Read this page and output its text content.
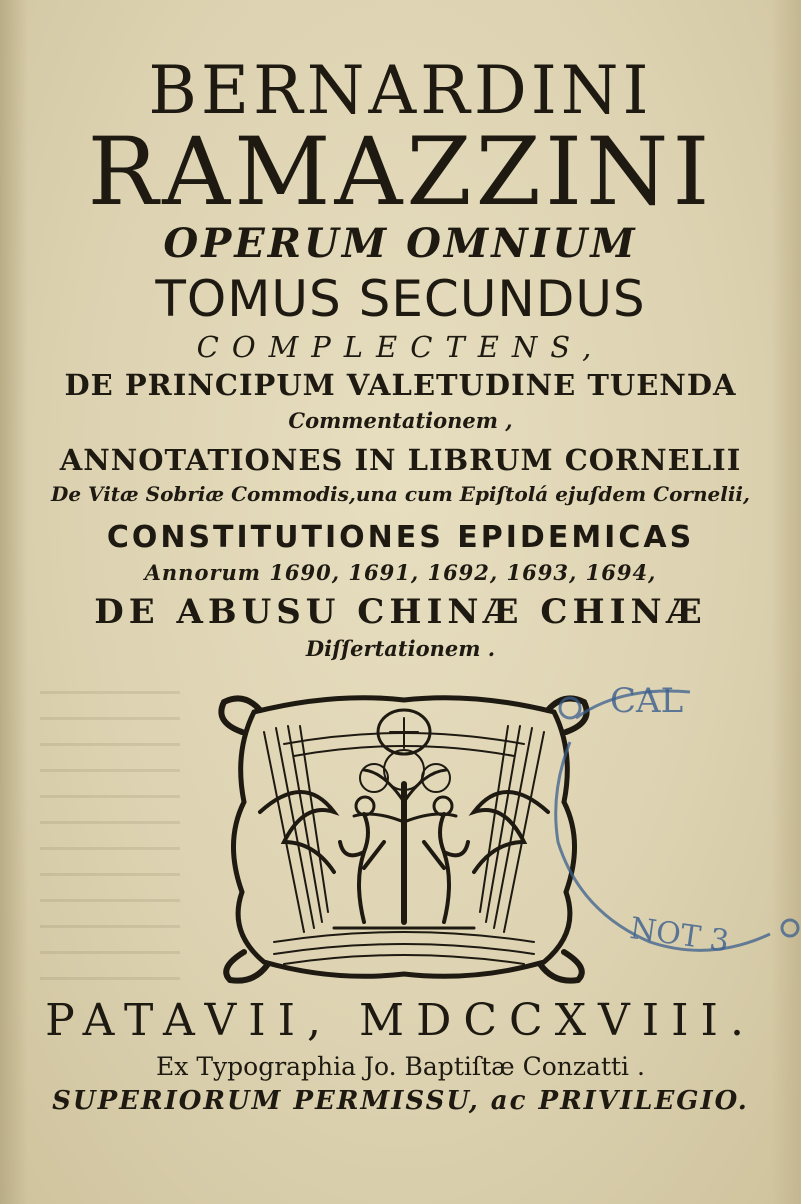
BERNARDINI
RAMAZZINI
OPERUM OMNIUM
TOMUS SECUNDUS
COMPLECTENS,
DE PRINCIPUM VALETUDINE TUENDA
Commentationem ,
ANNOTATIONES IN LIBRUM CORNELII
De Vitæ Sobriæ Commodis,una cum Epiſtolá ejuſdem Cornelii,
CONSTITUTIONES EPIDEMICAS
Annorum 1690, 1691, 1692, 1693, 1694,
DE ABUSU CHINÆ CHINÆ
Diſſertationem .
CAL
NOT 3
PATAVII, MDCCXVIII.
Ex Typographia Jo. Baptiſtæ Conzatti .
SUPERIORUM PERMISSU, ac PRIVILEGIO.
